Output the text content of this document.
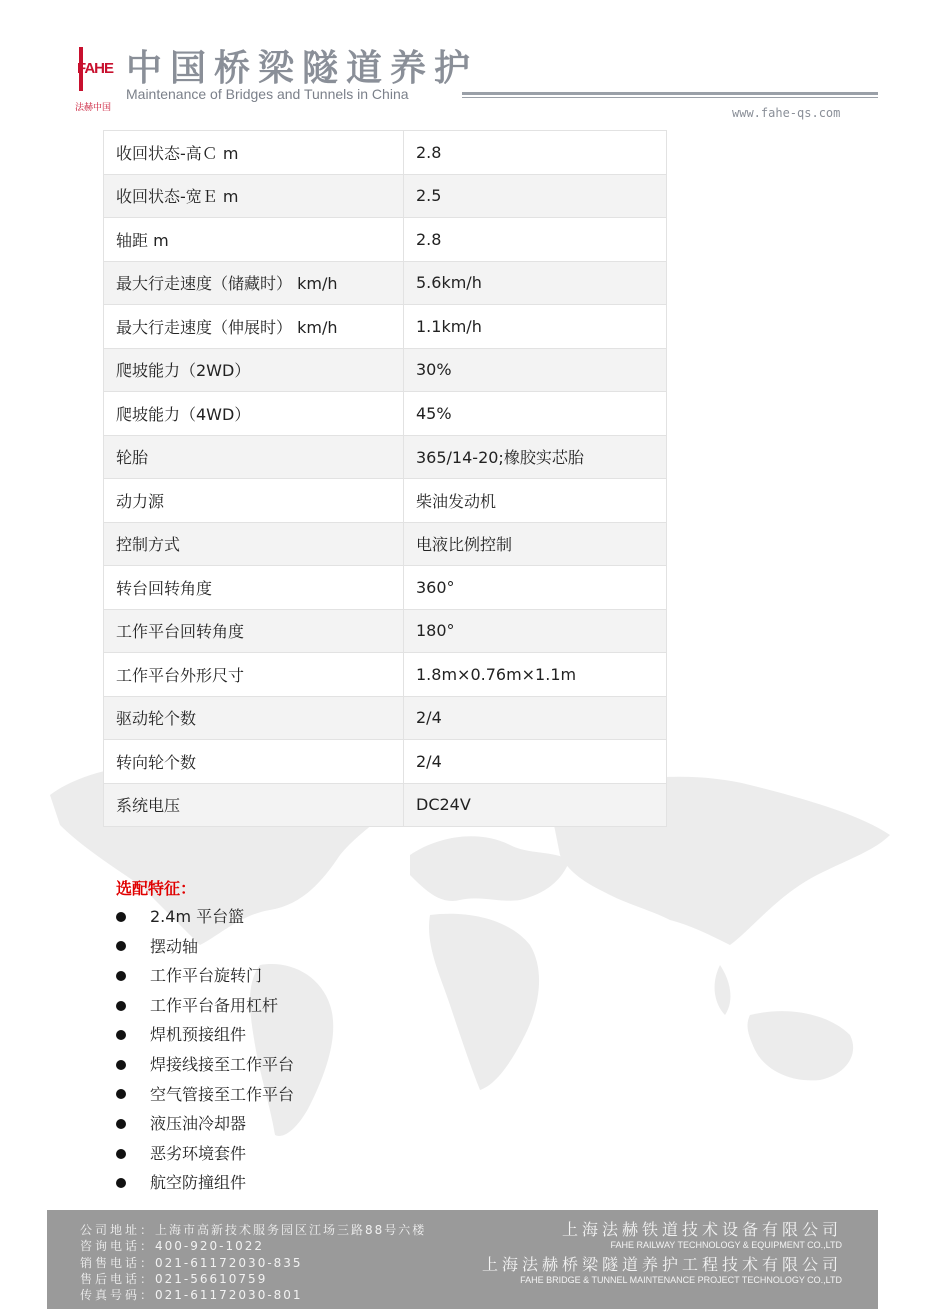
FAHE
法赫中国
中国桥梁隧道养护
Maintenance of Bridges and Tunnels in China
www.fahe-qs.com
收回状态-高Ｃ m	2.8
收回状态-宽Ｅ m	2.5
轴距 m	2.8
最大行走速度（储藏时） km/h	5.6km/h
最大行走速度（伸展时） km/h	1.1km/h
爬坡能力（2WD）	30%
爬坡能力（4WD）	45%
轮胎	365/14-20;橡胶实芯胎
动力源	柴油发动机
控制方式	电液比例控制
转台回转角度	360°
工作平台回转角度	180°
工作平台外形尺寸	1.8m×0.76m×1.1m
驱动轮个数	2/4
转向轮个数	2/4
系统电压	DC24V
选配特征：
2.4m 平台篮
摆动轴
工作平台旋转门
工作平台备用杠杆
焊机预接组件
焊接线接至工作平台
空气管接至工作平台
液压油冷却器
恶劣环境套件
航空防撞组件
公司地址：上海市高新技术服务园区江场三路88号六楼
咨询电话：400-920-1022
销售电话：021-61172030-835
售后电话：021-56610759
传真号码：021-61172030-801
上海法赫铁道技术设备有限公司
FAHE RAILWAY TECHNOLOGY & EQUIPMENT CO.,LTD
上海法赫桥梁隧道养护工程技术有限公司
FAHE BRIDGE & TUNNEL MAINTENANCE PROJECT TECHNOLOGY CO.,LTD
